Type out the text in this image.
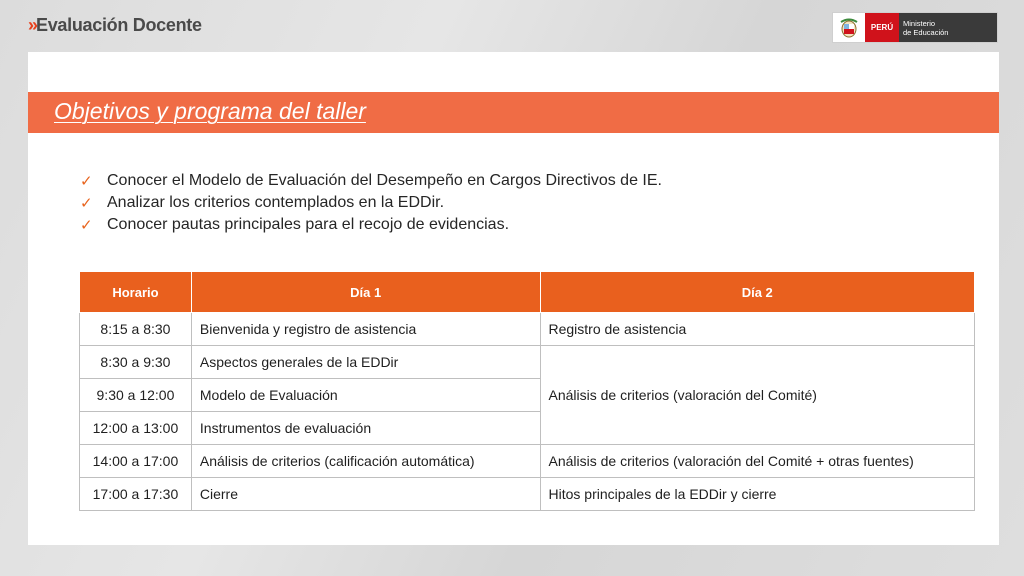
»Evaluación Docente	PERÚ	Ministerio
de Educación
Objetivos y programa del taller
✓ Conocer el Modelo de Evaluación del Desempeño en Cargos Directivos de IE.
✓ Analizar los criterios contemplados en la EDDir.
✓ Conocer pautas principales para el recojo de evidencias.
Horario	Día 1	Día 2
8:15 a 8:30	Bienvenida y registro de asistencia	Registro de asistencia
8:30 a 9:30	Aspectos generales de la EDDir	Análisis de criterios (valoración del Comité)
9:30 a 12:00	Modelo de Evaluación	
12:00 a 13:00	Instrumentos de evaluación	
14:00 a 17:00	Análisis de criterios (calificación automática)	Análisis de criterios (valoración del Comité + otras fuentes)
17:00 a 17:30	Cierre	Hitos principales de la EDDir y cierre
